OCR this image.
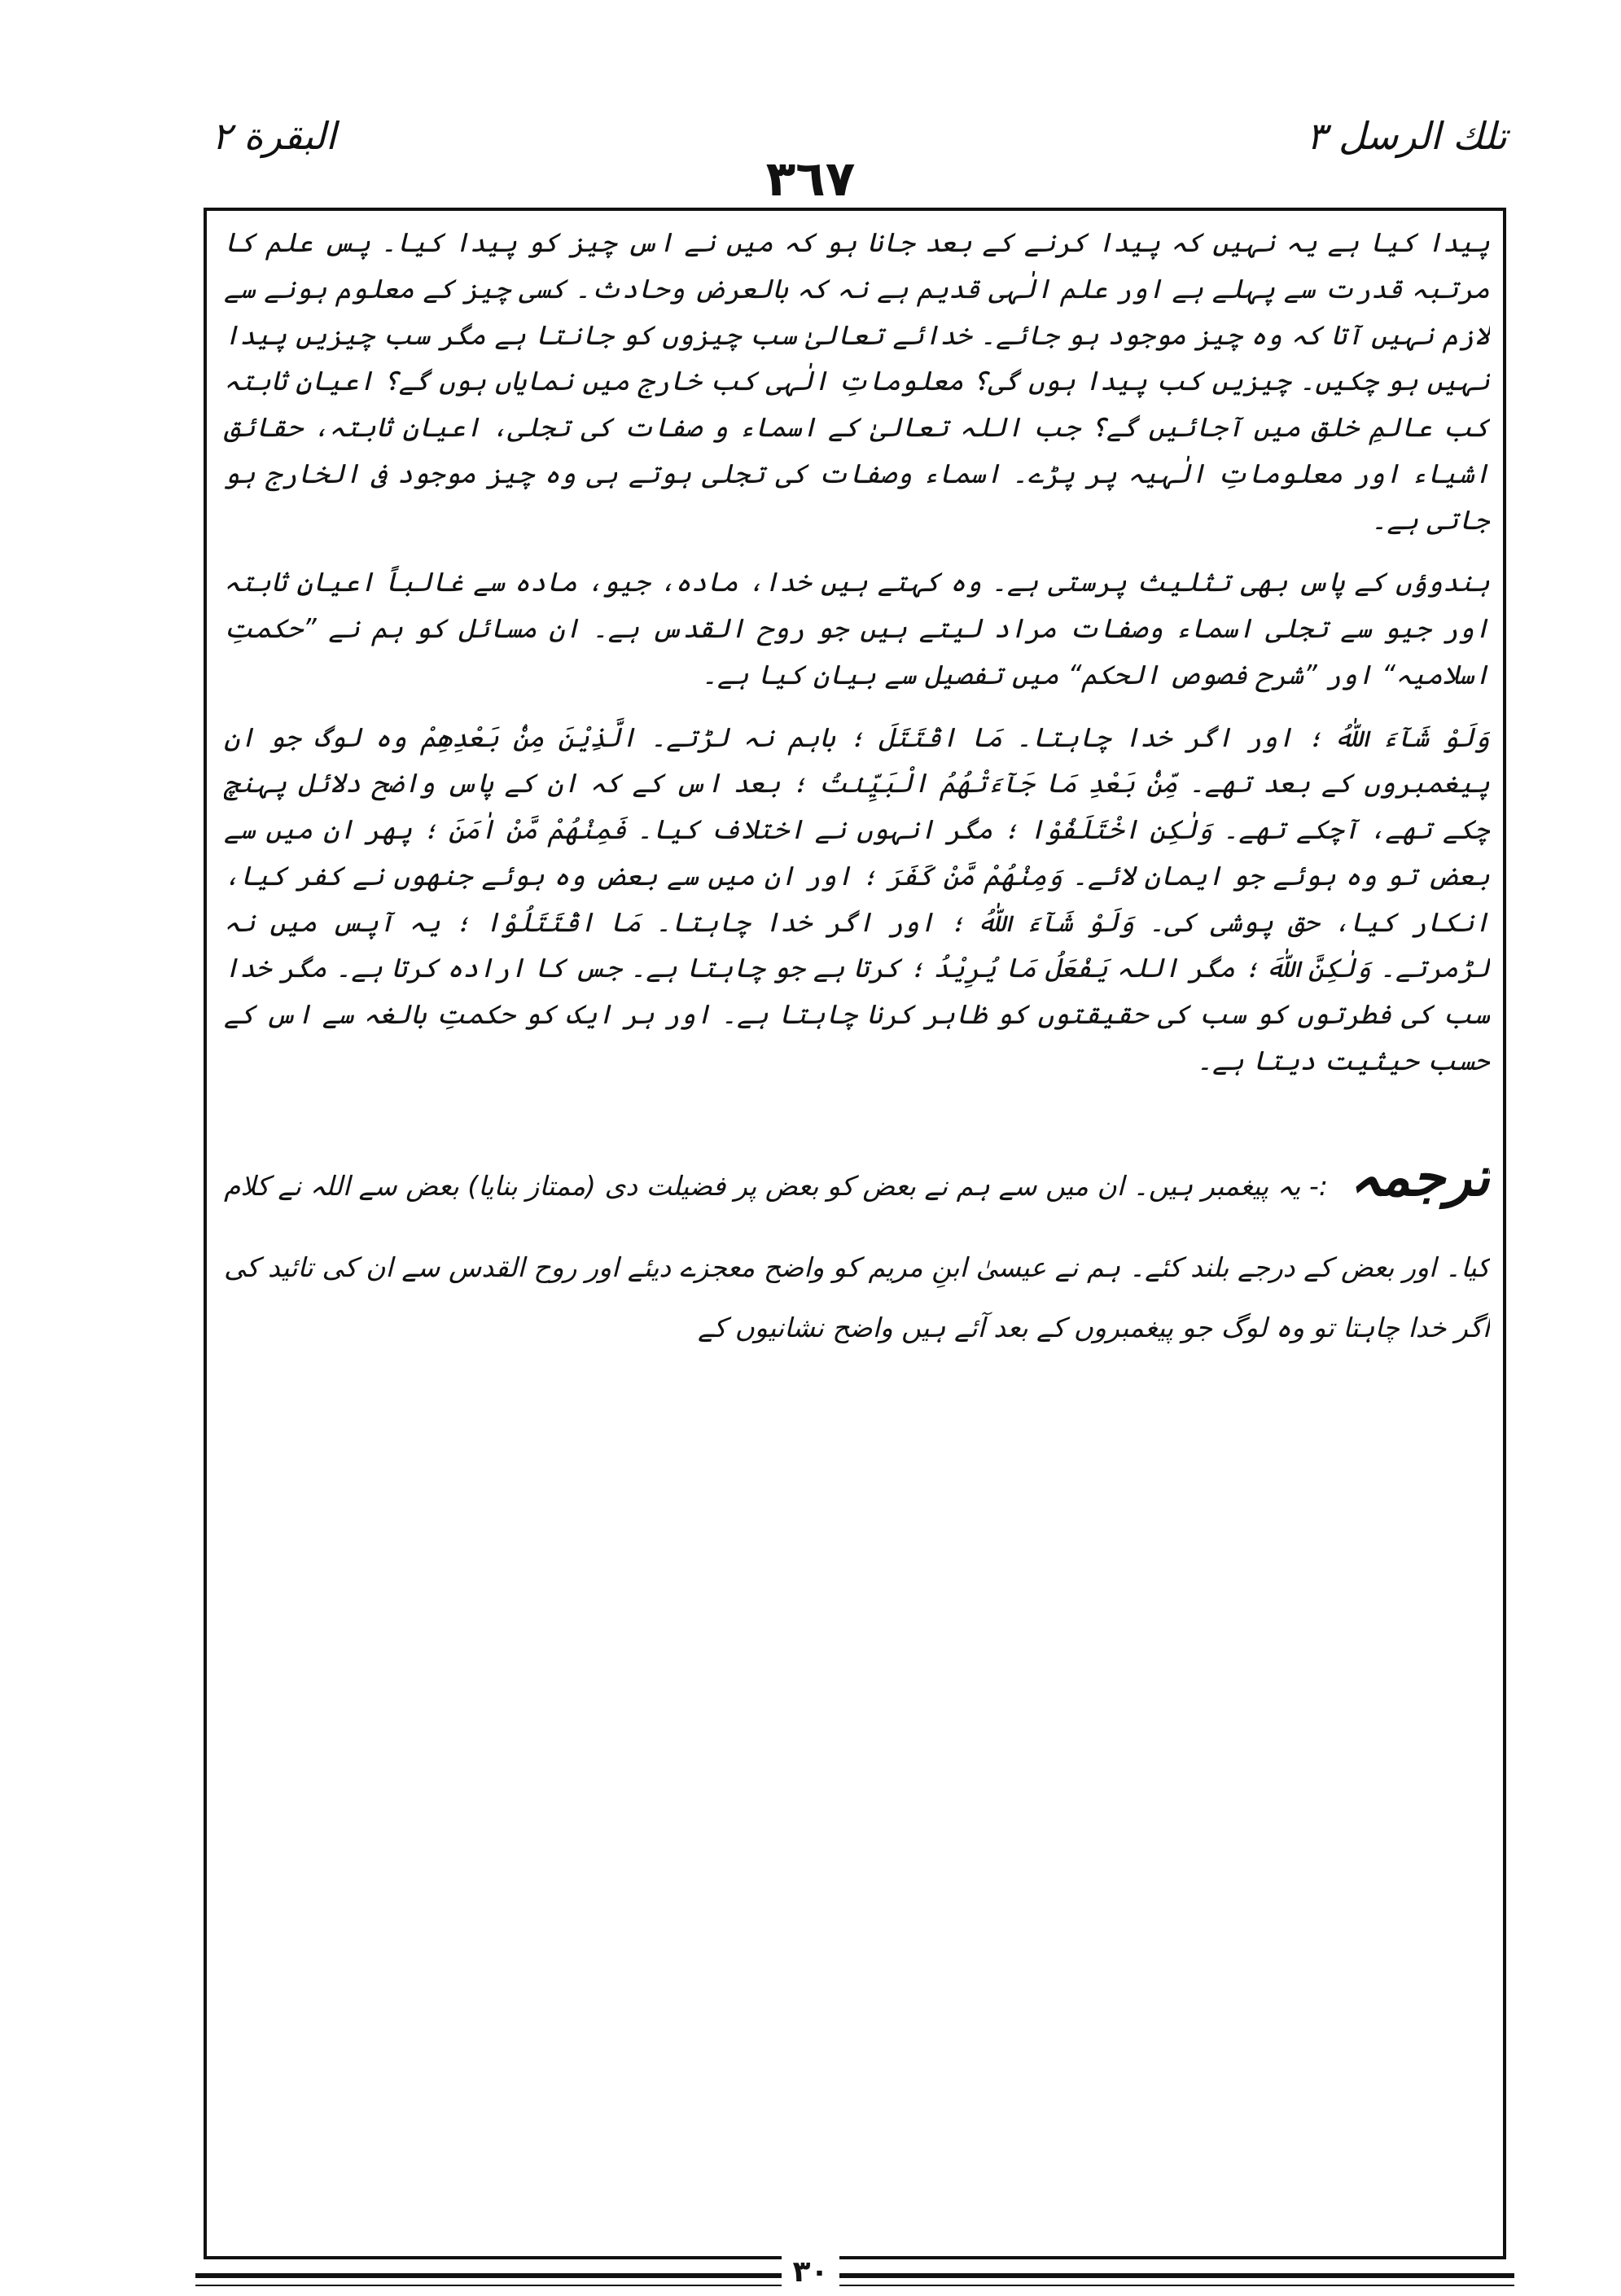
البقرة ٢	تلك الرسل ٣
٣٦٧

پیدا کیا ہے یہ نہیں کہ پیدا کرنے کے بعد جانا ہو کہ میں نے اس چیز کو پیدا کیا۔ پس علم کا مرتبہ قدرت سے پہلے ہے اور علم الٰہی قدیم ہے نہ کہ بالعرض وحادث۔ کسی چیز کے معلوم ہونے سے لازم نہیں آتا کہ وہ چیز موجود ہو جائے۔ خدائے تعالیٰ سب چیزوں کو جانتا ہے مگر سب چیزیں پیدا نہیں ہو چکیں۔ چیزیں کب پیدا ہوں گی؟ معلوماتِ الٰہی کب خارج میں نمایاں ہوں گے؟ اعیانِ ثابتہ کب عالمِ خلق میں آجائیں گے؟ جب اللہ تعالیٰ کے اسماء و صفات کی تجلی، اعیانِ ثابتہ، حقائق اشیاء اور معلوماتِ الٰہیہ پر پڑے۔ اسماء وصفات کی تجلی ہوتے ہی وہ چیز موجود فی الخارج ہو جاتی ہے۔

ہندوؤں کے پاس بھی تثلیث پرستی ہے۔ وہ کہتے ہیں خدا، مادہ، جیو، مادہ سے غالباً اعیانِ ثابتہ اور جیو سے تجلی اسماء وصفات مراد لیتے ہیں جو روح القدس ہے۔ ان مسائل کو ہم نے ”حکمتِ اسلامیہ“ اور ”شرح فصوص الحکم“ میں تفصیل سے بیان کیا ہے۔

وَلَوْ شَآءَ اللّٰهُ ؛ اور اگر خدا چاہتا۔ مَا اقْتَتَلَ ؛ باہم نہ لڑتے۔ الَّذِیْنَ مِنْۢ بَعْدِهِمْ وہ لوگ جو ان پیغمبروں کے بعد تھے۔ مِّنْۢ بَعْدِ مَا جَآءَتْهُمُ الْبَیِّنٰتُ ؛ بعد اس کے کہ ان کے پاس واضح دلائل پہنچ چکے تھے، آچکے تھے۔ وَلٰكِنِ اخْتَلَفُوْا ؛ مگر انہوں نے اختلاف کیا۔ فَمِنْهُمْ مَّنْ اٰمَنَ ؛ پھر ان میں سے بعض تو وہ ہوئے جو ایمان لائے۔ وَمِنْهُمْ مَّنْ كَفَرَ ؛ اور ان میں سے بعض وہ ہوئے جنھوں نے کفر کیا، انکار کیا، حق پوشی کی۔ وَلَوْ شَآءَ اللّٰهُ ؛ اور اگر خدا چاہتا۔ مَا اقْتَتَلُوْا ؛ یہ آپس میں نہ لڑمرتے۔ وَلٰكِنَّ اللّٰهَ ؛ مگر اللہ یَفْعَلُ مَا یُرِیْدُ ؛ کرتا ہے جو چاہتا ہے۔ جس کا ارادہ کرتا ہے۔ مگر خدا سب کی فطرتوں کو سب کی حقیقتوں کو ظاہر کرنا چاہتا ہے۔ اور ہر ایک کو حکمتِ بالغہ سے اس کے حسب حیثیت دیتا ہے۔

ترجمہ :- یہ پیغمبر ہیں۔ ان میں سے ہم نے بعض کو بعض پر فضیلت دی (ممتاز بنایا) بعض سے اللہ نے کلام کیا۔ اور بعض کے درجے بلند کئے۔ ہم نے عیسیٰ ابنِ مریم کو واضح معجزے دیئے اور روح القدس سے ان کی تائید کی اگر خدا چاہتا تو وہ لوگ جو پیغمبروں کے بعد آئے ہیں واضح نشانیوں کے

٣٠
